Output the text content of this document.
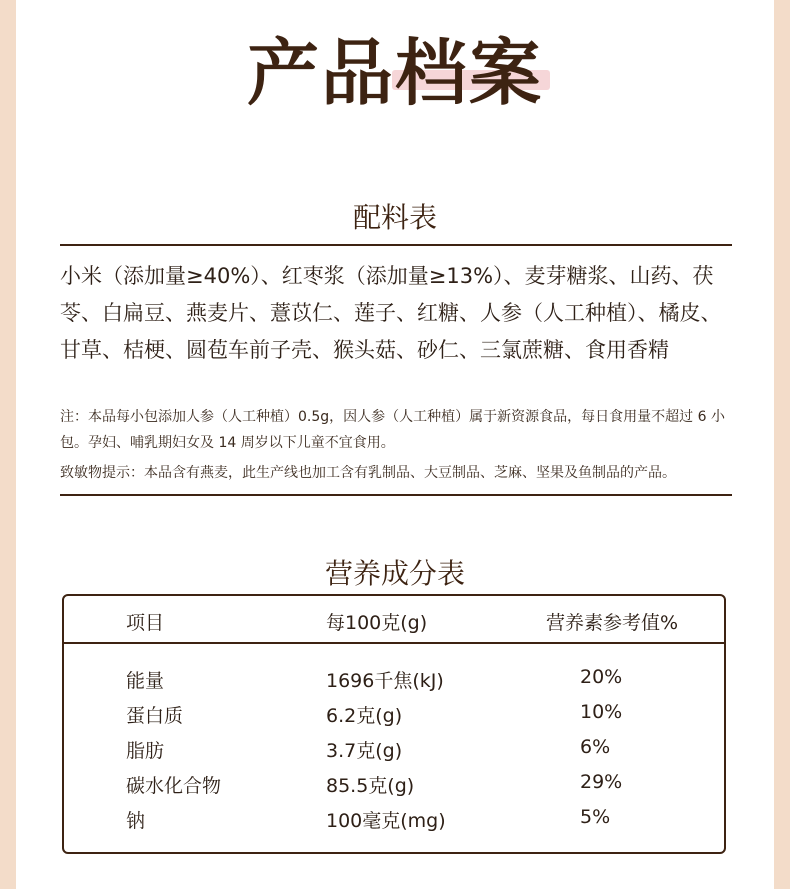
产品档案
配料表
小米（添加量≥40%）、红枣浆（添加量≥13%）、麦芽糖浆、山药、茯苓、白扁豆、燕麦片、薏苡仁、莲子、红糖、人参（人工种植）、橘皮、甘草、桔梗、圆苞车前子壳、猴头菇、砂仁、三氯蔗糖、食用香精
注：本品每小包添加人参（人工种植）0.5g，因人参（人工种植）属于新资源食品，每日食用量不超过 6 小包。孕妇、哺乳期妇女及 14 周岁以下儿童不宜食用。
致敏物提示：本品含有燕麦，此生产线也加工含有乳制品、大豆制品、芝麻、坚果及鱼制品的产品。
营养成分表
项目	每100克(g)	营养素参考值%
能量	1696千焦(kJ)	20%
蛋白质	6.2克(g)	10%
脂肪	3.7克(g)	6%
碳水化合物	85.5克(g)	29%
钠	100毫克(mg)	5%
